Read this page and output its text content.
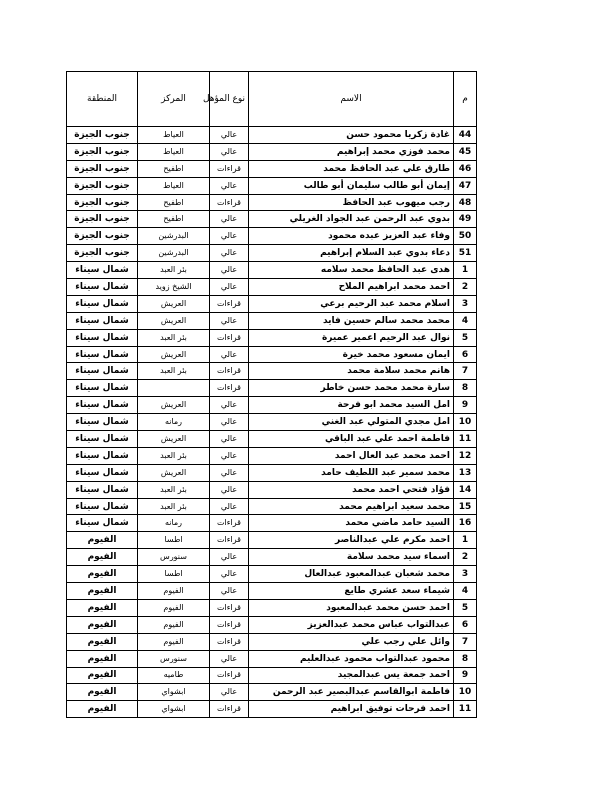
م	الاسم	نوع المؤهل	المركز	المنطقة
44	غادة زكريا محمود حسن	عالي	العياط	جنوب الجيزة
45	محمد فوزي محمد إبراهيم	عالي	العياط	جنوب الجيزة
46	طارق علي عبد الحافظ محمد	قراءات	اطفيح	جنوب الجيزة
47	إيمان أبو طالب سليمان أبو طالب	عالي	العياط	جنوب الجيزة
48	رجب ميهوب عبد الحافظ	قراءات	اطفيح	جنوب الجيزة
49	بدوي عبد الرحمن عبد الجواد الغريلي	عالي	اطفيح	جنوب الجيزة
50	وفاء عبد العزيز عبده محمود	عالي	البدرشين	جنوب الجيزة
51	دعاء بدوي عبد السلام إبراهيم	عالي	البدرشين	جنوب الجيزة
1	هدى عبد الحافظ محمد سلامه	عالي	بئر العبد	شمال سيناء
2	احمد محمد ابراهيم الملاح	عالي	الشيخ زويد	شمال سيناء
3	اسلام محمد عبد الرحيم برعي	قراءات	العريش	شمال سيناء
4	محمد محمد سالم حسين فايد	عالي	العريش	شمال سيناء
5	نوال عبد الرحيم اعمير عميرة	قراءات	بئر العبد	شمال سيناء
6	ايمان مسعود محمد خيرة	عالي	العريش	شمال سيناء
7	هانم محمد سلامة محمد	قراءات	بئر العبد	شمال سيناء
8	سارة محمد محمد حسن خاطر	قراءات		شمال سيناء
9	امل السيد محمد ابو فرحة	عالي	العريش	شمال سيناء
10	امل مجدي المتولي عبد الغني	عالي	رمانه	شمال سيناء
11	فاطمة احمد علي عبد الباقي	عالي	العريش	شمال سيناء
12	احمد محمد عبد العال احمد	عالي	بئر العبد	شمال سيناء
13	محمد سمير عبد اللطيف حامد	عالي	العريش	شمال سيناء
14	فؤاد فتحي احمد محمد	عالي	بئر العبد	شمال سيناء
15	محمد سعيد ابراهيم محمد	عالي	بئر العبد	شمال سيناء
16	السيد حامد ماضي محمد	قراءات	رمانه	شمال سيناء
1	احمد مكرم علي عبدالناصر	قراءات	اطسا	الفيوم
2	اسماء سيد محمد سلامة	عالي	سنورس	الفيوم
3	محمد شعبان عبدالمعبود عبدالعال	عالي	اطسا	الفيوم
4	شيماء سعد عشري طايع	عالي	الفيوم	الفيوم
5	احمد حسن محمد عبدالمعبود	قراءات	الفيوم	الفيوم
6	عبدالتواب عباس محمد عبدالعزيز	قراءات	الفيوم	الفيوم
7	وائل علي رجب علي	قراءات	الفيوم	الفيوم
8	محمود عبدالتواب محمود عبدالعليم	عالي	سنورس	الفيوم
9	احمد جمعة يس عبدالمجيد	قراءات	طاميه	الفيوم
10	فاطمة ابوالقاسم عبدالبصير عبد الرحمن	عالي	ابشواي	الفيوم
11	احمد فرحات توفيق ابراهيم	قراءات	ابشواي	الفيوم
